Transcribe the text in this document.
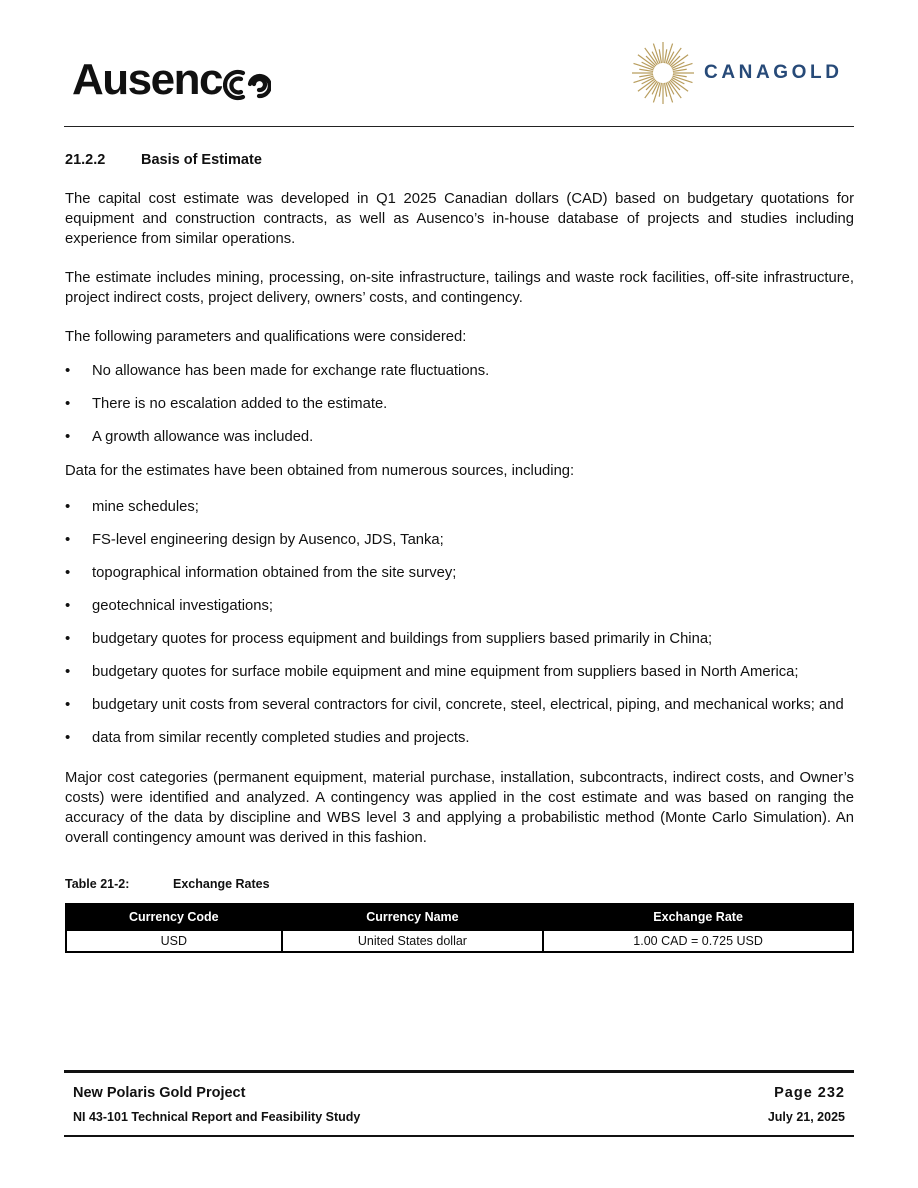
Ausenc	CANAGOLD
21.2.2	Basis of Estimate

The capital cost estimate was developed in Q1 2025 Canadian dollars (CAD) based on budgetary quotations for equipment and construction contracts, as well as Ausenco’s in-house database of projects and studies including experience from similar operations.

The estimate includes mining, processing, on-site infrastructure, tailings and waste rock facilities, off-site infrastructure, project indirect costs, project delivery, owners’ costs, and contingency.

The following parameters and qualifications were considered:

• No allowance has been made for exchange rate fluctuations.
• There is no escalation added to the estimate.
• A growth allowance was included.

Data for the estimates have been obtained from numerous sources, including:

• mine schedules;
• FS-level engineering design by Ausenco, JDS, Tanka;
• topographical information obtained from the site survey;
• geotechnical investigations;
• budgetary quotes for process equipment and buildings from suppliers based primarily in China;
• budgetary quotes for surface mobile equipment and mine equipment from suppliers based in North America;
• budgetary unit costs from several contractors for civil, concrete, steel, electrical, piping, and mechanical works; and
• data from similar recently completed studies and projects.

Major cost categories (permanent equipment, material purchase, installation, subcontracts, indirect costs, and Owner’s costs) were identified and analyzed. A contingency was applied in the cost estimate and was based on ranging the accuracy of the data by discipline and WBS level 3 and applying a probabilistic method (Monte Carlo Simulation). An overall contingency amount was derived in this fashion.

Table 21-2:	Exchange Rates
Currency Code	Currency Name	Exchange Rate
USD	United States dollar	1.00 CAD = 0.725 USD
New Polaris Gold Project
NI 43-101 Technical Report and Feasibility Study
Page 232
July 21, 2025
